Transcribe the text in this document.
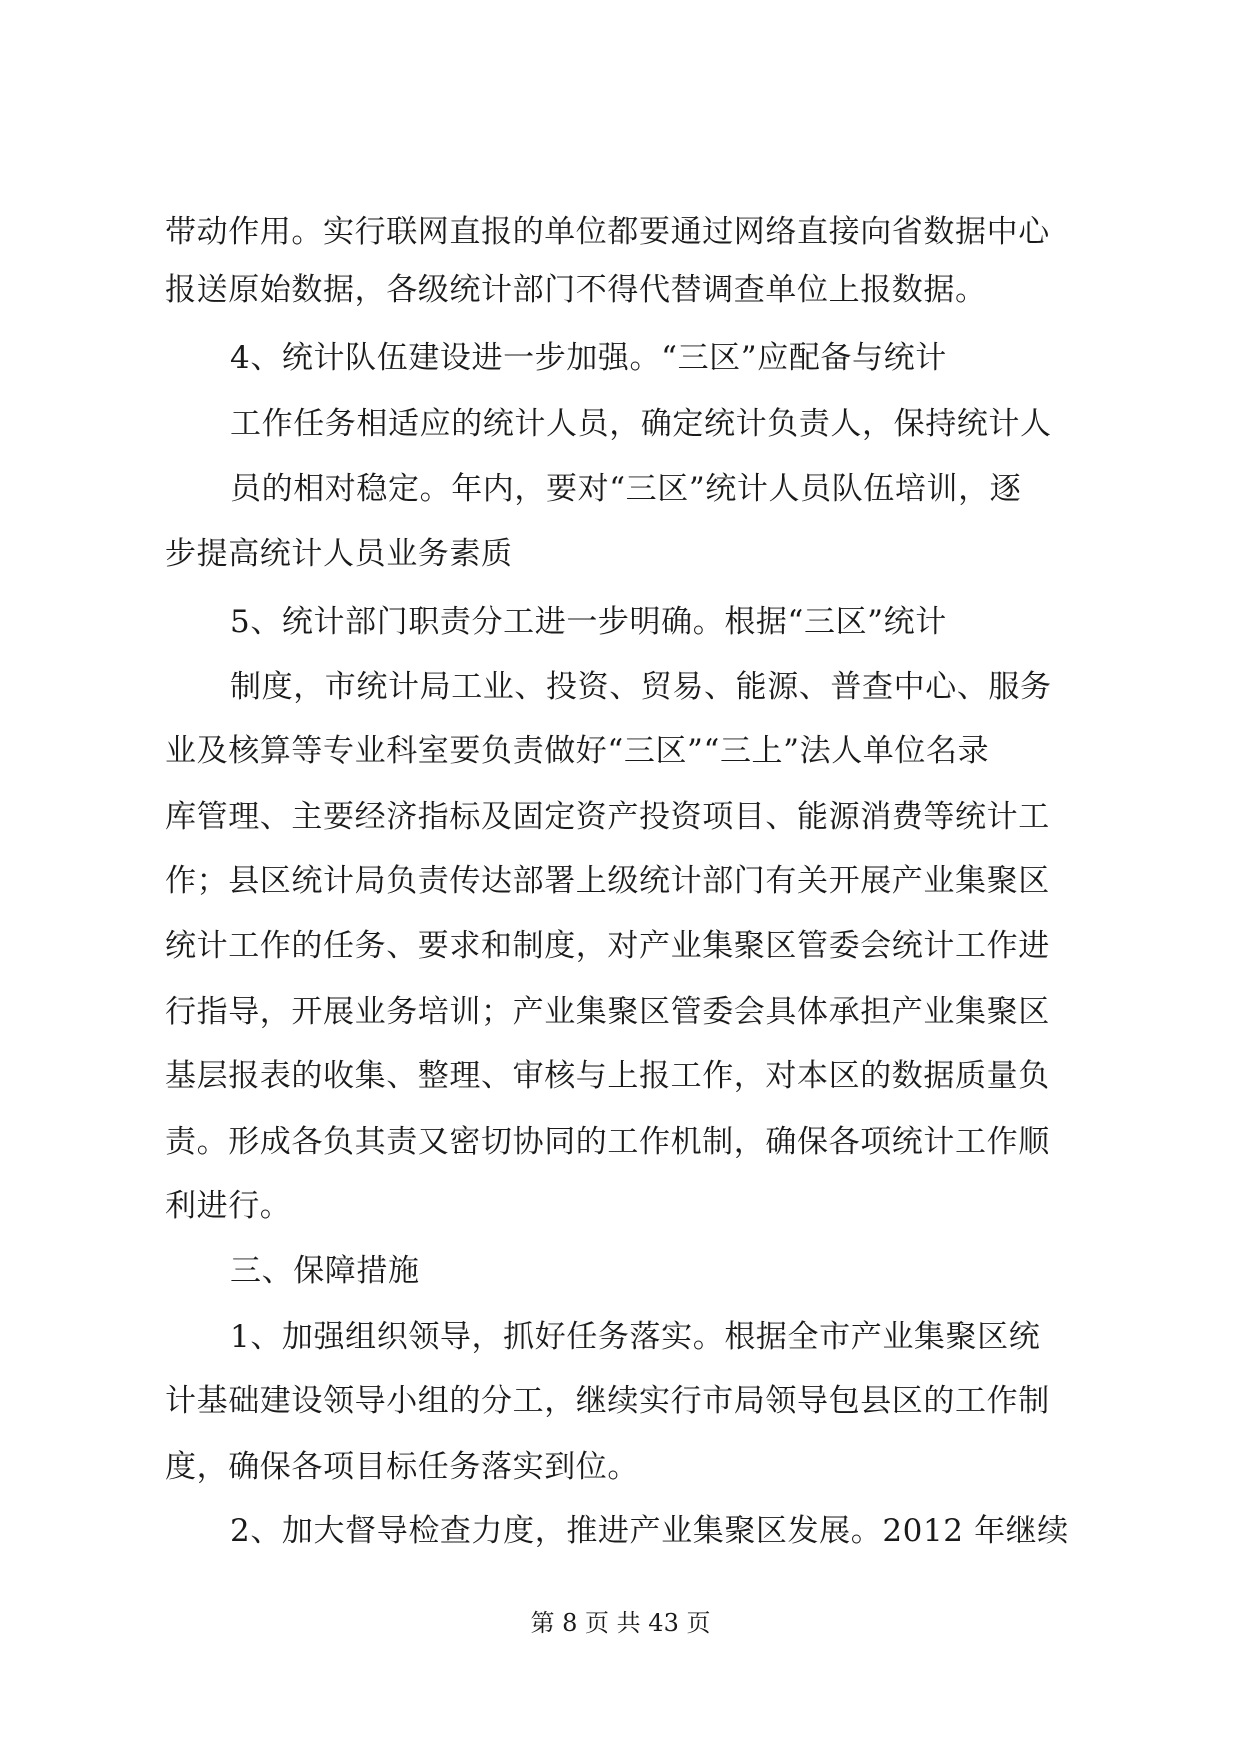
带动作用。实行联网直报的单位都要通过网络直接向省数据中心
报送原始数据，各级统计部门不得代替调查单位上报数据。
4、统计队伍建设进一步加强。“三区”应配备与统计
工作任务相适应的统计人员，确定统计负责人，保持统计人
员的相对稳定。年内，要对“三区”统计人员队伍培训，逐
步提高统计人员业务素质
5、统计部门职责分工进一步明确。根据“三区”统计
制度，市统计局工业、投资、贸易、能源、普查中心、服务
业及核算等专业科室要负责做好“三区”“三上”法人单位名录
库管理、主要经济指标及固定资产投资项目、能源消费等统计工
作；县区统计局负责传达部署上级统计部门有关开展产业集聚区
统计工作的任务、要求和制度，对产业集聚区管委会统计工作进
行指导，开展业务培训；产业集聚区管委会具体承担产业集聚区
基层报表的收集、整理、审核与上报工作，对本区的数据质量负
责。形成各负其责又密切协同的工作机制，确保各项统计工作顺
利进行。
三、保障措施
1、加强组织领导，抓好任务落实。根据全市产业集聚区统
计基础建设领导小组的分工，继续实行市局领导包县区的工作制
度，确保各项目标任务落实到位。
2、加大督导检查力度，推进产业集聚区发展。2012 年继续
第 8 页 共 43 页
